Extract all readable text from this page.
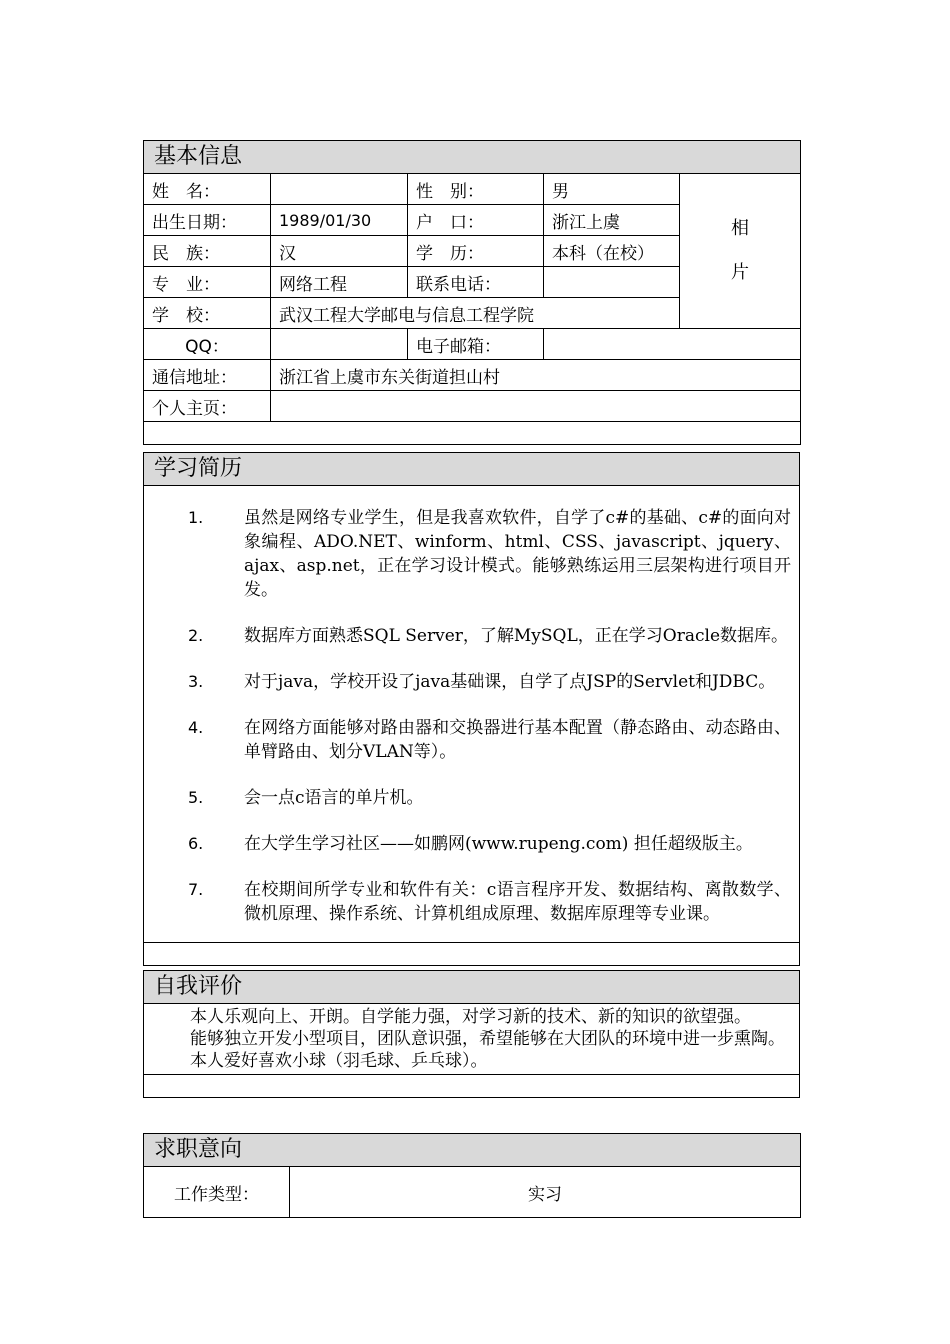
基本信息				
姓　名：		性　别：	男	相
片

出生日期：	1989/01/30	户　口：	浙江上虞	
民　族：	汉	学　历：	本科（在校）	
专　业：	网络工程	联系电话：		
学　校：	武汉工程大学邮电与信息工程学院			
QQ：		电子邮箱：		
通信地址：	浙江省上虞市东关街道担山村			
个人主页：				

学习简历

1.	虽然是网络专业学生，但是我喜欢软件，自学了c#的基础、c#的面向对象编程、ADO.NET、winform、html、CSS、javascript、jquery、ajax、asp.net，正在学习设计模式。能够熟练运用三层架构进行项目开发。
2.	数据库方面熟悉SQL Server，了解MySQL，正在学习Oracle数据库。
3.	对于java，学校开设了java基础课，自学了点JSP的Servlet和JDBC。
4.	在网络方面能够对路由器和交换器进行基本配置（静态路由、动态路由、单臂路由、划分VLAN等）。
5.	会一点c语言的单片机。
6.	在大学生学习社区——如鹏网(www.rupeng.com) 担任超级版主。
7.	在校期间所学专业和软件有关：c语言程序开发、数据结构、离散数学、微机原理、操作系统、计算机组成原理、数据库原理等专业课。

自我评价

本人乐观向上、开朗。自学能力强，对学习新的技术、新的知识的欲望强。

能够独立开发小型项目，团队意识强，希望能够在大团队的环境中进一步熏陶。

本人爱好喜欢小球（羽毛球、乒乓球）。

求职意向
工作类型：	实习
